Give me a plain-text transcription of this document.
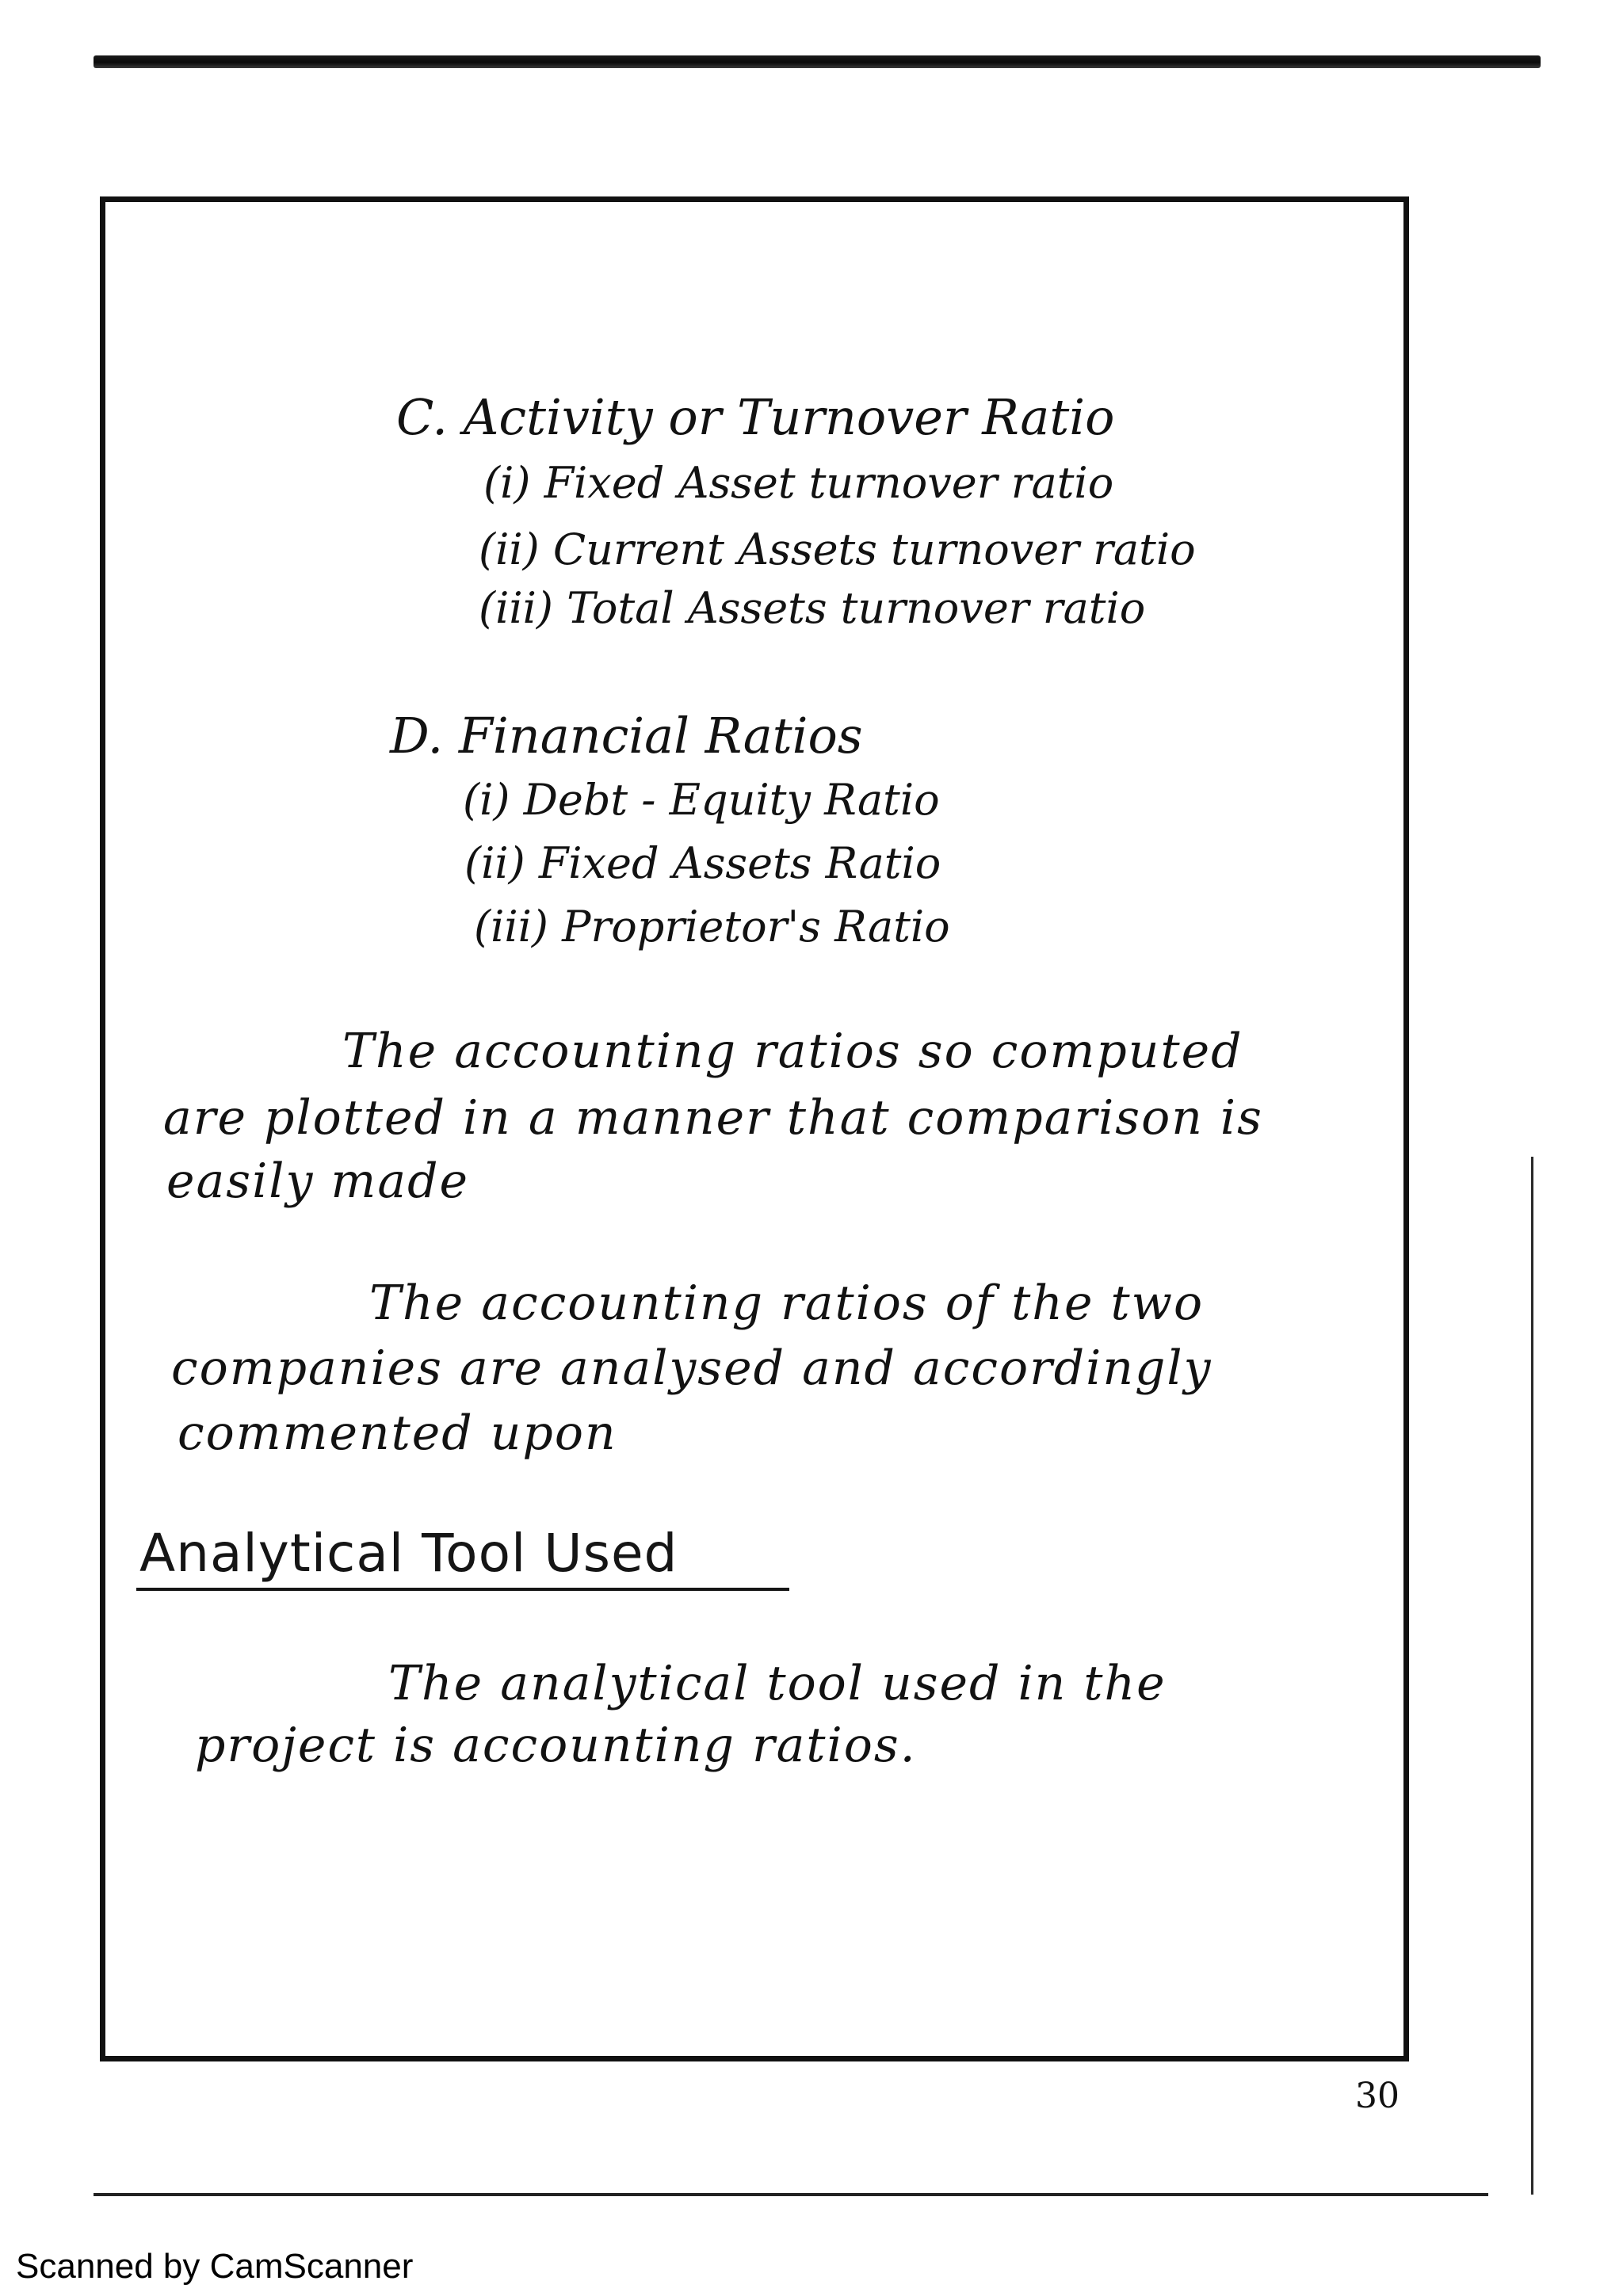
C. Activity or Turnover Ratio
(i) Fixed Asset turnover ratio
(ii) Current Assets turnover ratio
(iii) Total Assets turnover ratio
D. Financial Ratios
(i) Debt - Equity Ratio
(ii) Fixed Assets Ratio
(iii) Proprietor's Ratio
The accounting ratios so computed
are plotted in a manner that comparison is
easily made
The accounting ratios of the two
companies are analysed and accordingly
commented upon
Analytical Tool Used
The analytical tool used in the
project is accounting ratios.
30
Scanned by CamScanner
